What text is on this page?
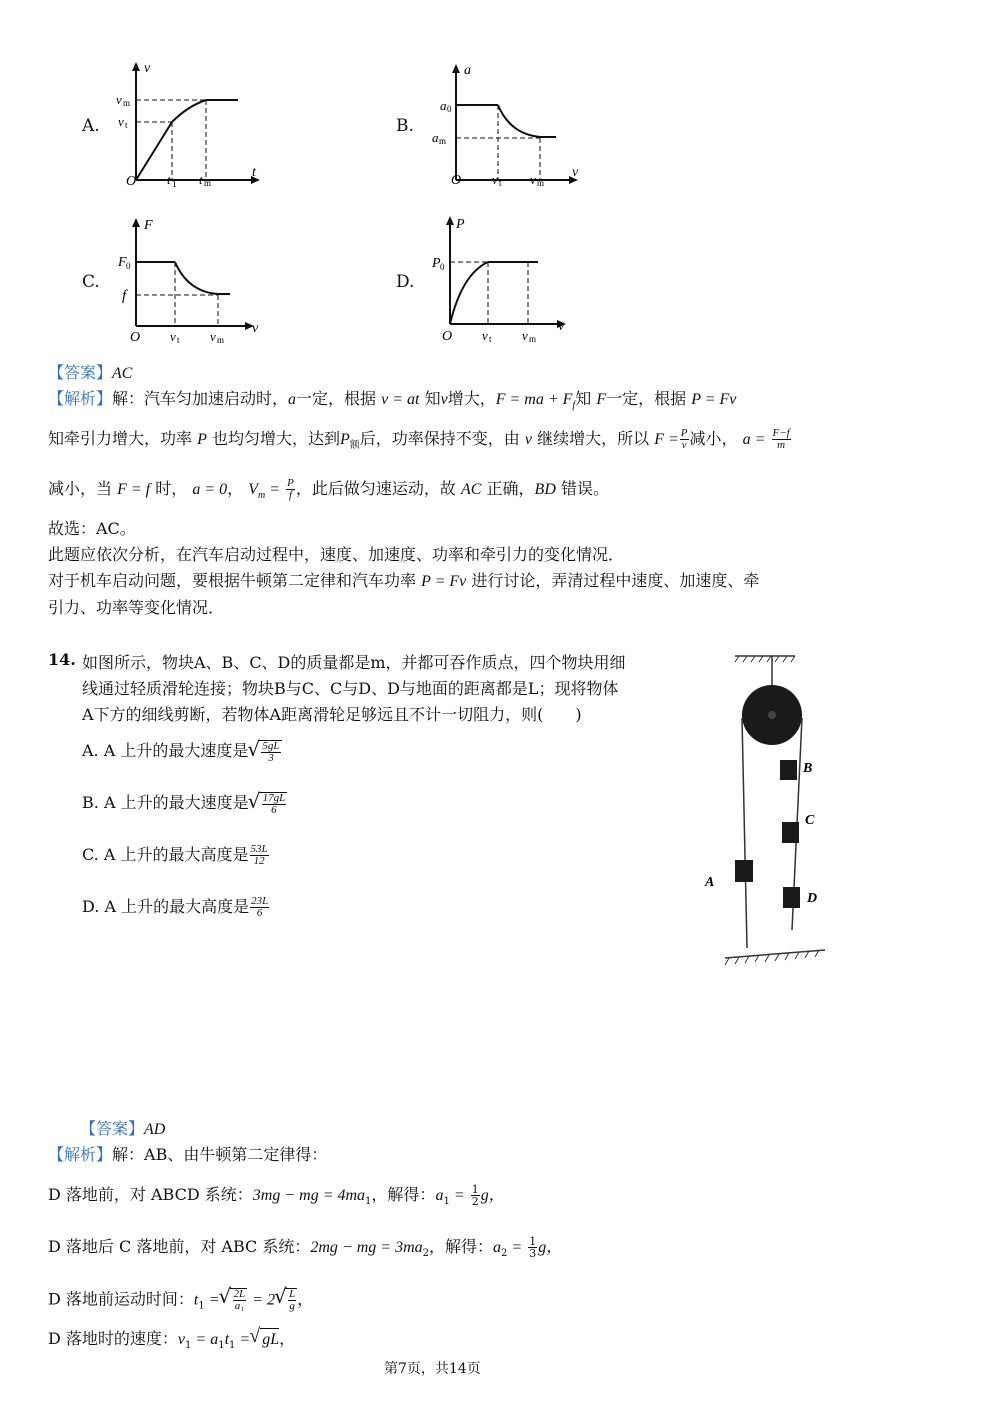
A.
v
t
v m
v t
O t 1 t m
B.
a
v
a 0
a m
O v t v m
C.
F
v
F 0
f
O v t v m
D.
P
v
P 0
O v t v m
【答案】AC
【解析】解：汽车匀加速启动时，a一定，根据 v = at 知v增大，F = ma + $F_f$知 F一定，根据 P = Fv
知牵引力增大，功率 P 也均匀增大，达到$P_额$后，功率保持不变，由 v 继续增大，所以 $F = \frac{P}{v}$ 减小， $a = \frac{F-f}{m}$
减小，当 F = f 时， a = 0， $V_m = \frac{P}{f}$ ，此后做匀速运动，故 AC 正确，BD 错误。
故选：AC。
此题应依次分析，在汽车启动过程中，速度、加速度、功率和牵引力的变化情况．
对于机车启动问题，要根据牛顿第二定律和汽车功率 P = Fv 进行讨论，弄清过程中速度、加速度、牵
引力、功率等变化情况．
14. 如图所示，物块A、B、C、D的质量都是m，并都可吞作质点，四个物块用细
线通过轻质滑轮连接；物块B与C、C与D、D与地面的距离都是L；现将物体
A下方的细线剪断，若物体A距离滑轮足够远且不计一切阻力，则(　　)
A. A 上升的最大速度是 √ $\frac{5gL}{3}$
B. A 上升的最大速度是 √ $\frac{17gL}{6}$
C. A 上升的最大高度是 $\frac{53L}{12}$
D. A 上升的最大高度是 $\frac{23L}{6}$
B
C
A
D
【答案】AD
【解析】解：AB、由牛顿第二定律得：
D 落地前，对 ABCD 系统：3mg − mg = $4ma_1$，解得：$a_1 = \frac{1}{2}$ g，
D 落地后 C 落地前，对 ABC 系统：2mg − mg = $3ma_2$，解得：$a_2 = \frac{1}{3}$ g，
D 落地前运动时间：$t_1$ = √ $\frac{2L}{\text{a₁}} = 2$ √ $\frac{L}{g}$ ，
D 落地时的速度：$v_1 = a_1t_1$ = √ gL，
第7页，共14页
